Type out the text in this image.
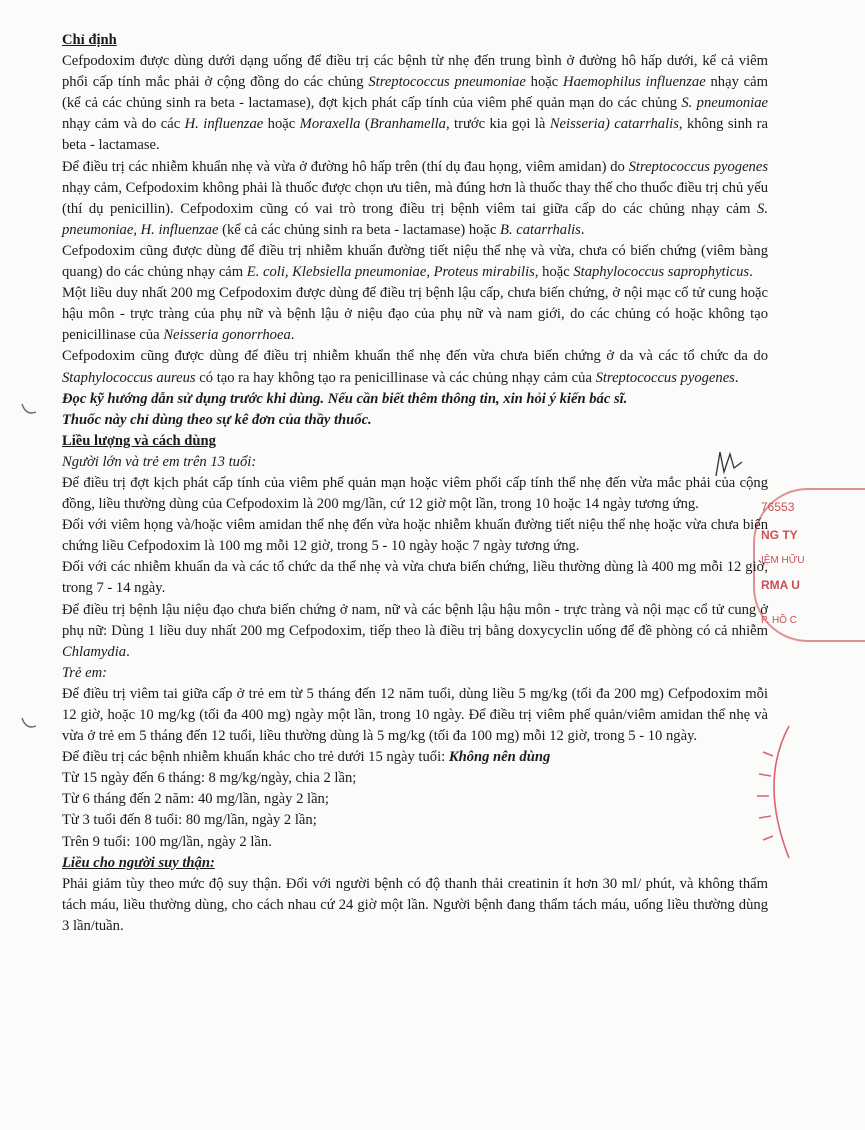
76553
NG TY
IỆM HỮU
RMA U
P. HỒ C

Chỉ định

Cefpodoxim được dùng dưới dạng uống để điều trị các bệnh từ nhẹ đến trung bình ở đường hô hấp dưới, kể cả viêm phổi cấp tính mắc phải ở cộng đồng do các chủng Streptococcus pneumoniae hoặc Haemophilus influenzae nhạy cảm (kể cả các chủng sinh ra beta - lactamase), đợt kịch phát cấp tính của viêm phế quản mạn do các chủng S. pneumoniae nhạy cảm và do các H. influenzae hoặc Moraxella (Branhamella, trước kia gọi là Neisseria) catarrhalis, không sinh ra beta - lactamase.

Để điều trị các nhiễm khuẩn nhẹ và vừa ở đường hô hấp trên (thí dụ đau họng, viêm amidan) do Streptococcus pyogenes nhạy cảm, Cefpodoxim không phải là thuốc được chọn ưu tiên, mà đúng hơn là thuốc thay thế cho thuốc điều trị chủ yếu (thí dụ penicillin). Cefpodoxim cũng có vai trò trong điều trị bệnh viêm tai giữa cấp do các chủng nhạy cảm S. pneumoniae, H. influenzae (kể cả các chủng sinh ra beta - lactamase) hoặc B. catarrhalis.

Cefpodoxim cũng được dùng để điều trị nhiễm khuẩn đường tiết niệu thể nhẹ và vừa, chưa có biến chứng (viêm bàng quang) do các chủng nhạy cảm E. coli, Klebsiella pneumoniae, Proteus mirabilis, hoặc Staphylococcus saprophyticus.

Một liều duy nhất 200 mg Cefpodoxim được dùng để điều trị bệnh lậu cấp, chưa biến chứng, ở nội mạc cổ tử cung hoặc hậu môn - trực tràng của phụ nữ và bệnh lậu ở niệu đạo của phụ nữ và nam giới, do các chủng có hoặc không tạo penicillinase của Neisseria gonorrhoea.

Cefpodoxim cũng được dùng để điều trị nhiễm khuẩn thể nhẹ đến vừa chưa biến chứng ở da và các tổ chức da do Staphylococcus aureus có tạo ra hay không tạo ra penicillinase và các chủng nhạy cảm của Streptococcus pyogenes.

Đọc kỹ hướng dẫn sử dụng trước khi dùng. Nếu cần biết thêm thông tin, xin hỏi ý kiến bác sĩ.

Thuốc này chỉ dùng theo sự kê đơn của thầy thuốc.

Liều lượng và cách dùng

Người lớn và trẻ em trên 13 tuổi:

Để điều trị đợt kịch phát cấp tính của viêm phế quản mạn hoặc viêm phổi cấp tính thể nhẹ đến vừa mắc phải của cộng đồng, liều thường dùng của Cefpodoxim là 200 mg/lần, cứ 12 giờ một lần, trong 10 hoặc 14 ngày tương ứng.

Đối với viêm họng và/hoặc viêm amidan thể nhẹ đến vừa hoặc nhiễm khuẩn đường tiết niệu thể nhẹ hoặc vừa chưa biến chứng liều Cefpodoxim là 100 mg mỗi 12 giờ, trong 5 - 10 ngày hoặc 7 ngày tương ứng.

Đối với các nhiễm khuẩn da và các tổ chức da thể nhẹ và vừa chưa biến chứng, liều thường dùng là 400 mg mỗi 12 giờ, trong 7 - 14 ngày.

Để điều trị bệnh lậu niệu đạo chưa biến chứng ở nam, nữ và các bệnh lậu hậu môn - trực tràng và nội mạc cổ tử cung ở phụ nữ: Dùng 1 liều duy nhất 200 mg Cefpodoxim, tiếp theo là điều trị bằng doxycyclin uống để đề phòng có cả nhiễm Chlamydia.

Trẻ em:

Để điều trị viêm tai giữa cấp ở trẻ em từ 5 tháng đến 12 năm tuổi, dùng liều 5 mg/kg (tối đa 200 mg) Cefpodoxim mỗi 12 giờ, hoặc 10 mg/kg (tối đa 400 mg) ngày một lần, trong 10 ngày. Để điều trị viêm phế quản/viêm amidan thể nhẹ và vừa ở trẻ em 5 tháng đến 12 tuổi, liều thường dùng là 5 mg/kg (tối đa 100 mg) mỗi 12 giờ, trong 5 - 10 ngày.

Để điều trị các bệnh nhiễm khuẩn khác cho trẻ dưới 15 ngày tuổi: Không nên dùng

Từ 15 ngày đến 6 tháng: 8 mg/kg/ngày, chia 2 lần;

Từ 6 tháng đến 2 năm: 40 mg/lần, ngày 2 lần;

Từ 3 tuổi đến 8 tuổi: 80 mg/lần, ngày 2 lần;

Trên 9 tuổi: 100 mg/lần, ngày 2 lần.

Liều cho người suy thận:

Phải giảm tùy theo mức độ suy thận. Đối với người bệnh có độ thanh thải creatinin ít hơn 30 ml/ phút, và không thẩm tách máu, liều thường dùng, cho cách nhau cứ 24 giờ một lần. Người bệnh đang thẩm tách máu, uống liều thường dùng 3 lần/tuần.
